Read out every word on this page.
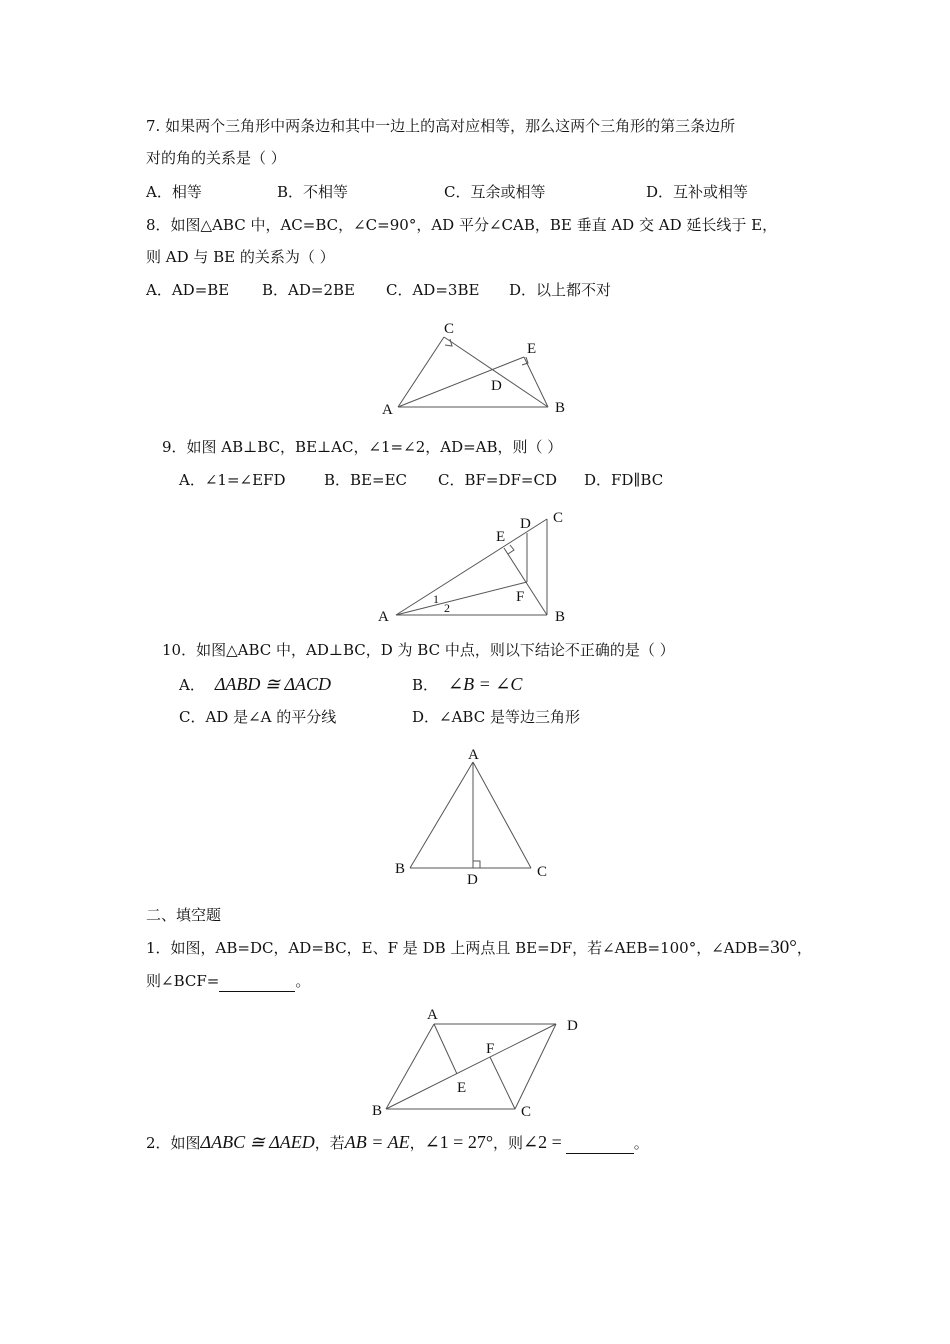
7. 如果两个三角形中两条边和其中一边上的高对应相等，那么这两个三角形的第三条边所
对的角的关系是（ ）
A．相等	B．不相等	C．互余或相等	D．互补或相等
8．如图△ABC 中，AC=BC，∠C=90°，AD 平分∠CAB，BE 垂直 AD 交 AD 延长线于 E，
则 AD 与 BE 的关系为（ ）
A．AD=BE B．AD=2BE C．AD=3BE D．以上都不对
C
E
D
A	B
9．如图 AB⊥BC，BE⊥AC，∠1=∠2，AD=AB，则（ ）
A．∠1=∠EFD	B．BE=EC C．BF=DF=CD D．FD∥BC
D C
E
F
A	B
1
2
10．如图△ABC 中，AD⊥BC，D 为 BC 中点，则以下结论不正确的是（ ）
A． ΔABD ≅ ΔACD	B． ∠B = ∠C
C．AD 是∠A 的平分线	D．∠ABC 是等边三角形
A
B	C
D
二、填空题
1．如图，AB=DC，AD=BC，E、F 是 DB 上两点且 BE=DF，若∠AEB=100°，∠ADB=30°，
则∠BCF=	。
A
D
F
E
B	C
2．如图ΔABC ≅ ΔAED，若AB = AE，∠1 = 27°，则∠2 =	。
